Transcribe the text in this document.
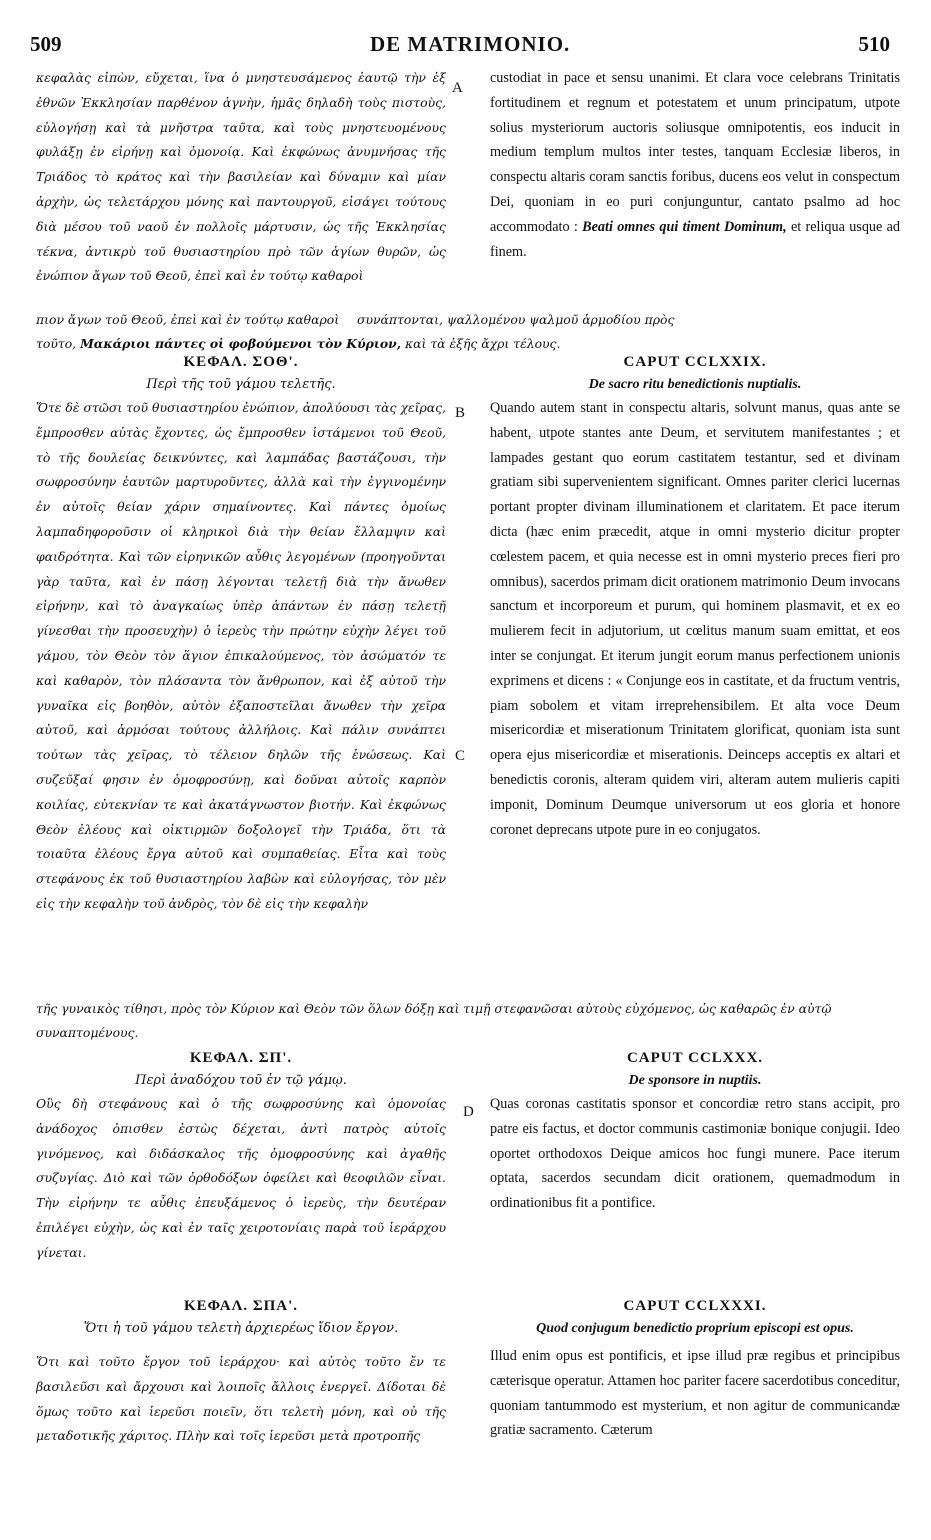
509	DE MATRIMONIO.	510
A
B
C
D

κεφαλὰς εἰπὼν, εὔχεται, ἵνα ὁ μνηστευσάμενος ἑαυτῷ τὴν ἐξ ἐθνῶν Ἐκκλησίαν παρθένον ἁγνὴν, ἡμᾶς δηλαδὴ τοὺς πιστοὺς, εὐλογήσῃ καὶ τὰ μνῆστρα ταῦτα, καὶ τοὺς μνηστευομένους φυλάξῃ ἐν εἰρήνῃ καὶ ὁμονοίᾳ. Καὶ ἐκφώνως ἀνυμνήσας τῆς Τριάδος τὸ κράτος καὶ τὴν βασιλείαν καὶ δύναμιν καὶ μίαν ἀρχὴν, ὡς τελετάρχου μόνης καὶ παντουργοῦ, εἰσάγει τούτους διὰ μέσου τοῦ ναοῦ ἐν πολλοῖς μάρτυσιν, ὡς τῆς Ἐκκλησίας τέκνα, ἀντικρὺ τοῦ θυσιαστηρίου πρὸ τῶν ἁγίων θυρῶν, ὡς ἐνώπιον ἄγων τοῦ Θεοῦ, ἐπεὶ καὶ ἐν τούτῳ καθαροὶ

custodiat in pace et sensu unanimi. Et clara voce celebrans Trinitatis fortitudinem et regnum et potestatem et unum principatum, utpote solius mysteriorum auctoris soliusque omnipotentis, eos inducit in medium templum multos inter testes, tanquam Ecclesiæ liberos, in conspectu altaris coram sanctis foribus, ducens eos velut in conspectum Dei, quoniam in eo puri conjunguntur, cantato psalmo ad hoc accommodato : Beati omnes qui timent Dominum, et reliqua usque ad finem.

πιον ἄγων τοῦ Θεοῦ, ἐπεὶ καὶ ἐν τούτῳ καθαροὶ συνάπτονται, ψαλλομένου ψαλμοῦ ἁρμοδίου πρὸς

τοῦτο, Μακάριοι πάντες οἱ φοβούμενοι τὸν Κύριον, καὶ τὰ ἑξῆς ἄχρι τέλους.

ΚΕΦΑΛ. ΣΟΘ'.

Περὶ τῆς τοῦ γάμου τελετῆς.

Ὅτε δὲ στῶσι τοῦ θυσιαστηρίου ἐνώπιον, ἀπολύουσι τὰς χεῖρας, ἔμπροσθεν αὐτὰς ἔχοντες, ὡς ἔμπροσθεν ἱστάμενοι τοῦ Θεοῦ, τὸ τῆς δουλείας δεικνύντες, καὶ λαμπάδας βαστάζουσι, τὴν σωφροσύνην ἑαυτῶν μαρτυροῦντες, ἀλλὰ καὶ τὴν ἐγγινομένην ἐν αὐτοῖς θείαν χάριν σημαίνοντες. Καὶ πάντες ὁμοίως λαμπαδηφοροῦσιν οἱ κληρικοὶ διὰ τὴν θείαν ἔλλαμψιν καὶ φαιδρότητα. Καὶ τῶν εἰρηνικῶν αὖθις λεγομένων (προηγοῦνται γὰρ ταῦτα, καὶ ἐν πάσῃ λέγονται τελετῇ διὰ τὴν ἄνωθεν εἰρήνην, καὶ τὸ ἀναγκαίως ὑπὲρ ἁπάντων ἐν πάσῃ τελετῇ γίνεσθαι τὴν προσευχὴν) ὁ ἱερεὺς τὴν πρώτην εὐχὴν λέγει τοῦ γάμου, τὸν Θεὸν τὸν ἅγιον ἐπικαλούμενος, τὸν ἀσώματόν τε καὶ καθαρὸν, τὸν πλάσαντα τὸν ἄνθρωπον, καὶ ἐξ αὐτοῦ τὴν γυναῖκα εἰς βοηθὸν, αὐτὸν ἐξαποστεῖλαι ἄνωθεν τὴν χεῖρα αὐτοῦ, καὶ ἁρμόσαι τούτους ἀλλήλοις. Καὶ πάλιν συνάπτει τούτων τὰς χεῖρας, τὸ τέλειον δηλῶν τῆς ἑνώσεως. Καὶ συζεῦξαί φησιν ἐν ὁμοφροσύνῃ, καὶ δοῦναι αὐτοῖς καρπὸν κοιλίας, εὐτεκνίαν τε καὶ ἀκατάγνωστον βιοτήν. Καὶ ἐκφώνως Θεὸν ἐλέους καὶ οἰκτιρμῶν δοξολογεῖ τὴν Τριάδα, ὅτι τὰ τοιαῦτα ἐλέους ἔργα αὐτοῦ καὶ συμπαθείας. Εἶτα καὶ τοὺς στεφάνους ἐκ τοῦ θυσιαστηρίου λαβὼν καὶ εὐλογήσας, τὸν μὲν εἰς τὴν κεφαλὴν τοῦ ἀνδρὸς, τὸν δὲ εἰς τὴν κεφαλὴν

CAPUT CCLXXIX.

De sacro ritu benedictionis nuptialis.

Quando autem stant in conspectu altaris, solvunt manus, quas ante se habent, utpote stantes ante Deum, et servitutem manifestantes ; et lampades gestant quo eorum castitatem testantur, sed et divinam gratiam sibi supervenientem significant. Omnes pariter clerici lucernas portant propter divinam illuminationem et claritatem. Et pace iterum dicta (hæc enim præcedit, atque in omni mysterio dicitur propter cœlestem pacem, et quia necesse est in omni mysterio preces fieri pro omnibus), sacerdos primam dicit orationem matrimonio Deum invocans sanctum et incorporeum et purum, qui hominem plasmavit, et ex eo mulierem fecit in adjutorium, ut cœlitus manum suam emittat, et eos inter se conjungat. Et iterum jungit eorum manus perfectionem unionis exprimens et dicens : « Conjunge eos in castitate, et da fructum ventris, piam sobolem et vitam irreprehensibilem. Et alta voce Deum misericordiæ et miserationum Trinitatem glorificat, quoniam ista sunt opera ejus misericordiæ et miserationis. Deinceps acceptis ex altari et benedictis coronis, alteram quidem viri, alteram autem mulieris capiti imponit, Dominum Deumque universorum ut eos gloria et honore coronet deprecans utpote pure in eo conjugatos.

τῆς γυναικὸς τίθησι, πρὸς τὸν Κύριον καὶ Θεὸν τῶν ὅλων δόξῃ καὶ τιμῇ στεφανῶσαι αὐτοὺς εὐχόμενος, ὡς καθαρῶς ἐν αὐτῷ συναπτομένους.

ΚΕΦΑΛ. ΣΠ'.

Περὶ ἀναδόχου τοῦ ἐν τῷ γάμῳ.

Οὓς δὴ στεφάνους καὶ ὁ τῆς σωφροσύνης καὶ ὁμονοίας ἀνάδοχος ὀπισθεν ἑστὼς δέχεται, ἀντὶ πατρὸς αὐτοῖς γινόμενος, καὶ διδάσκαλος τῆς ὁμοφροσύνης καὶ ἀγαθῆς συζυγίας. Διὸ καὶ τῶν ὀρθοδόξων ὀφείλει καὶ θεοφιλῶν εἶναι. Τὴν εἰρήνην τε αὖθις ἐπευξάμενος ὁ ἱερεὺς, τὴν δευτέραν ἐπιλέγει εὐχὴν, ὡς καὶ ἐν ταῖς χειροτονίαις παρὰ τοῦ ἱεράρχου γίνεται.

CAPUT CCLXXX.

De sponsore in nuptiis.

Quas coronas castitatis sponsor et concordiæ retro stans accipit, pro patre eis factus, et doctor communis castimoniæ bonique conjugii. Ideo oportet orthodoxos Deique amicos hoc fungi munere. Pace iterum optata, sacerdos secundam dicit orationem, quemadmodum in ordinationibus fit a pontifice.

ΚΕΦΑΛ. ΣΠΑ'.

Ὅτι ἡ τοῦ γάμου τελετὴ ἀρχιερέως ἴδιον ἔργον.

Ὅτι καὶ τοῦτο ἔργον τοῦ ἱεράρχου· καὶ αὐτὸς τοῦτο ἔν τε βασιλεῦσι καὶ ἄρχουσι καὶ λοιποῖς ἄλλοις ἐνεργεῖ. Δίδοται δὲ ὅμως τοῦτο καὶ ἱερεῦσι ποιεῖν, ὅτι τελετὴ μόνη, καὶ οὐ τῆς μεταδοτικῆς χάριτος. Πλὴν καὶ τοῖς ἱερεῦσι μετὰ προτροπῆς

CAPUT CCLXXXI.

Quod conjugum benedictio proprium episcopi est opus.

Illud enim opus est pontificis, et ipse illud præ regibus et principibus cæterisque operatur. Attamen hoc pariter facere sacerdotibus conceditur, quoniam tantummodo est mysterium, et non agitur de communicandæ gratiæ sacramento. Cæterum
